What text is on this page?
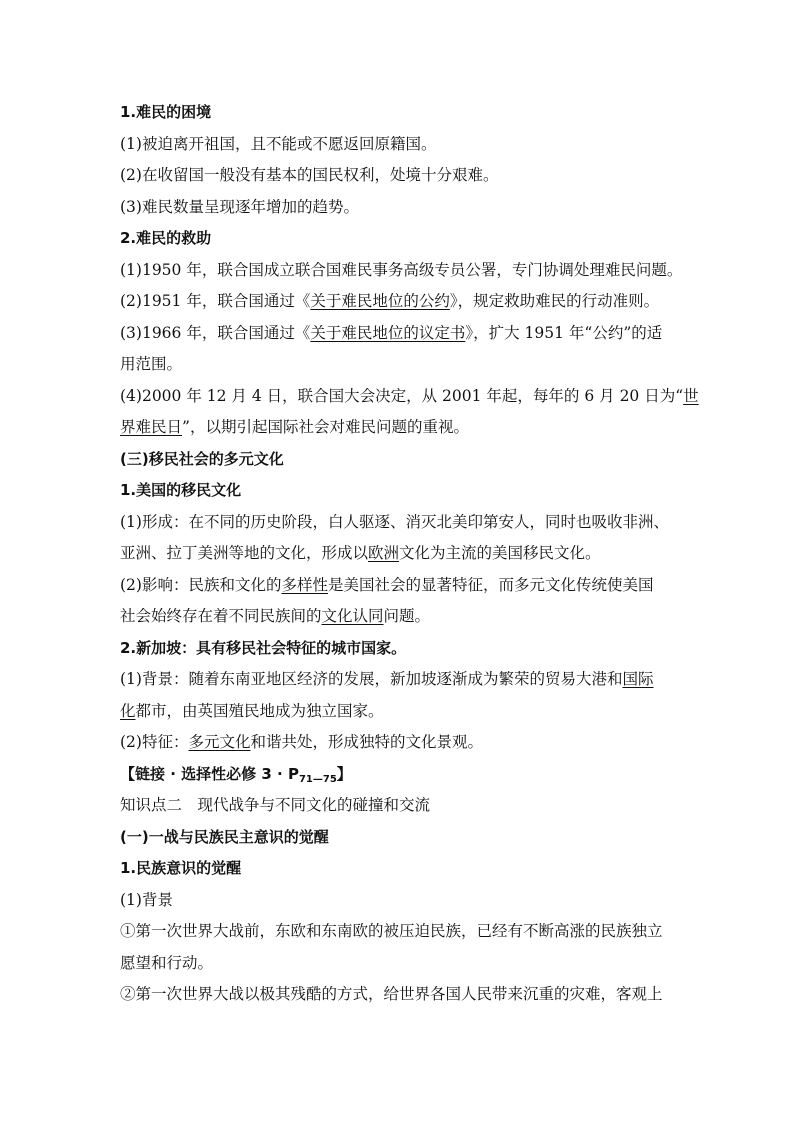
1.难民的困境
(1)被迫离开祖国，且不能或不愿返回原籍国。
(2)在收留国一般没有基本的国民权利，处境十分艰难。
(3)难民数量呈现逐年增加的趋势。
2.难民的救助
(1)1950 年，联合国成立联合国难民事务高级专员公署，专门协调处理难民问题。
(2)1951 年，联合国通过《关于难民地位的公约》，规定救助难民的行动准则。
(3)1966 年，联合国通过《关于难民地位的议定书》，扩大 1951 年“公约”的适
用范围。
(4)2000 年 12 月 4 日，联合国大会决定，从 2001 年起，每年的 6 月 20 日为“世
界难民日”，以期引起国际社会对难民问题的重视。
(三)移民社会的多元文化
1.美国的移民文化
(1)形成：在不同的历史阶段，白人驱逐、消灭北美印第安人，同时也吸收非洲、
亚洲、拉丁美洲等地的文化，形成以欧洲文化为主流的美国移民文化。
(2)影响：民族和文化的多样性是美国社会的显著特征，而多元文化传统使美国
社会始终存在着不同民族间的文化认同问题。
2.新加坡：具有移民社会特征的城市国家。
(1)背景：随着东南亚地区经济的发展，新加坡逐渐成为繁荣的贸易大港和国际
化都市，由英国殖民地成为独立国家。
(2)特征：多元文化和谐共处，形成独特的文化景观。
【链接 · 选择性必修 $3 \cdot P_{71—75}$】
知识点二　现代战争与不同文化的碰撞和交流
(一)一战与民族民主意识的觉醒
1.民族意识的觉醒
(1)背景
①第一次世界大战前，东欧和东南欧的被压迫民族，已经有不断高涨的民族独立
愿望和行动。
②第一次世界大战以极其残酷的方式，给世界各国人民带来沉重的灾难，客观上
